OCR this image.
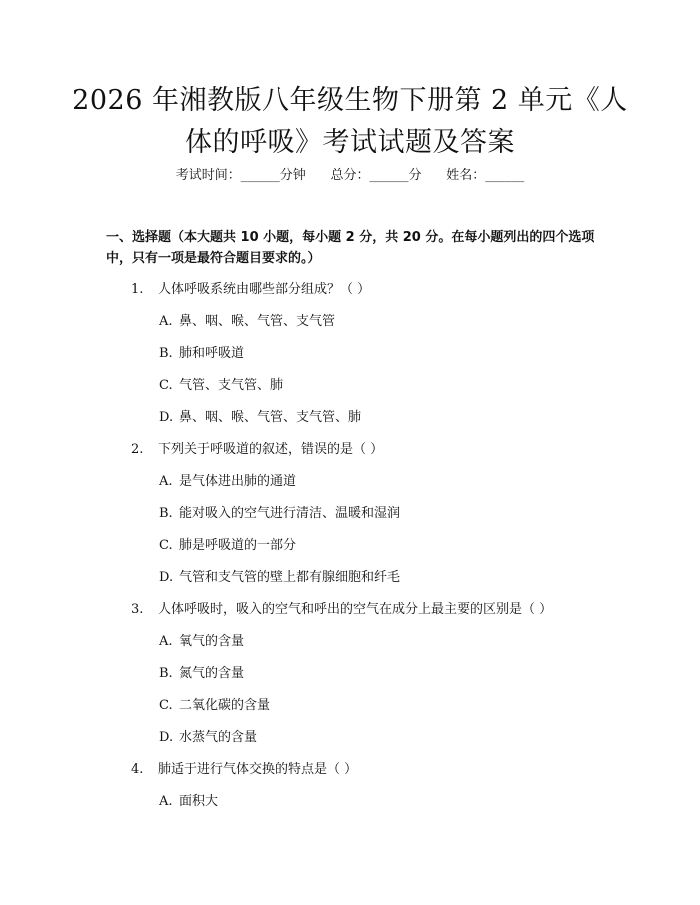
2026 年湘教版八年级生物下册第 2 单元《人体的呼吸》考试试题及答案
考试时间：______分钟      总分：______分      姓名：______
一、选择题（本大题共 10 小题，每小题 2 分，共 20 分。在每小题列出的四个选项中，只有一项是最符合题目要求的。）
1. 人体呼吸系统由哪些部分组成？（ ）
A. 鼻、咽、喉、气管、支气管
B. 肺和呼吸道
C. 气管、支气管、肺
D. 鼻、咽、喉、气管、支气管、肺
2. 下列关于呼吸道的叙述，错误的是（ ）
A. 是气体进出肺的通道
B. 能对吸入的空气进行清洁、温暖和湿润
C. 肺是呼吸道的一部分
D. 气管和支气管的壁上都有腺细胞和纤毛
3. 人体呼吸时，吸入的空气和呼出的空气在成分上最主要的区别是（ ）
A. 氧气的含量
B. 氮气的含量
C. 二氧化碳的含量
D. 水蒸气的含量
4. 肺适于进行气体交换的特点是（ ）
A. 面积大
